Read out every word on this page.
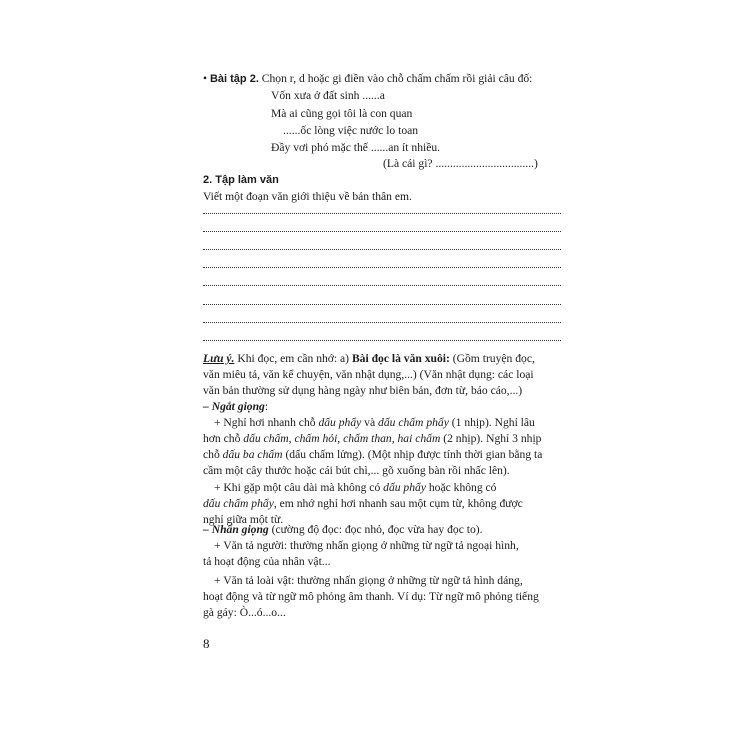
• Bài tập 2. Chọn r, d hoặc gi điền vào chỗ chấm chấm rồi giải câu đố:
Vốn xưa ở đất sinh ......a
Mà ai cũng gọi tôi là con quan
......ốc lòng việc nước lo toan
Đầy vơi phó mặc thế ......an ít nhiều.
(Là cái gì? ..................................)
2. Tập làm văn
Viết một đoạn văn giới thiệu về bản thân em.
Lưu ý. Khi đọc, em cần nhớ: a) Bài đọc là văn xuôi: (Gồm truyện đọc,
văn miêu tả, văn kể chuyện, văn nhật dụng,...) (Văn nhật dụng: các loại
văn bản thường sử dụng hàng ngày như biên bản, đơn từ, báo cáo,...)
– Ngắt giọng:
+ Nghỉ hơi nhanh chỗ dấu phẩy và dấu chấm phẩy (1 nhịp). Nghỉ lâu
hơn chỗ dấu chấm, chấm hỏi, chấm than, hai chấm (2 nhịp). Nghỉ 3 nhịp
chỗ dấu ba chấm (dấu chấm lửng). (Một nhịp được tính thời gian bằng ta
cầm một cây thước hoặc cái bút chì,... gõ xuống bàn rồi nhấc lên).
+ Khi gặp một câu dài mà không có dấu phẩy hoặc không có
dấu chấm phẩy, em nhớ nghỉ hơi nhanh sau một cụm từ, không được
nghỉ giữa một từ.
– Nhấn giọng (cường độ đọc: đọc nhỏ, đọc vừa hay đọc to).
+ Văn tả người: thường nhấn giọng ở những từ ngữ tả ngoại hình,
tả hoạt động của nhân vật...
+ Văn tả loài vật: thường nhấn giọng ở những từ ngữ tả hình dáng,
hoạt động và từ ngữ mô phỏng âm thanh. Ví dụ: Từ ngữ mô phỏng tiếng
gà gáy: Ò...ó...o...
8
